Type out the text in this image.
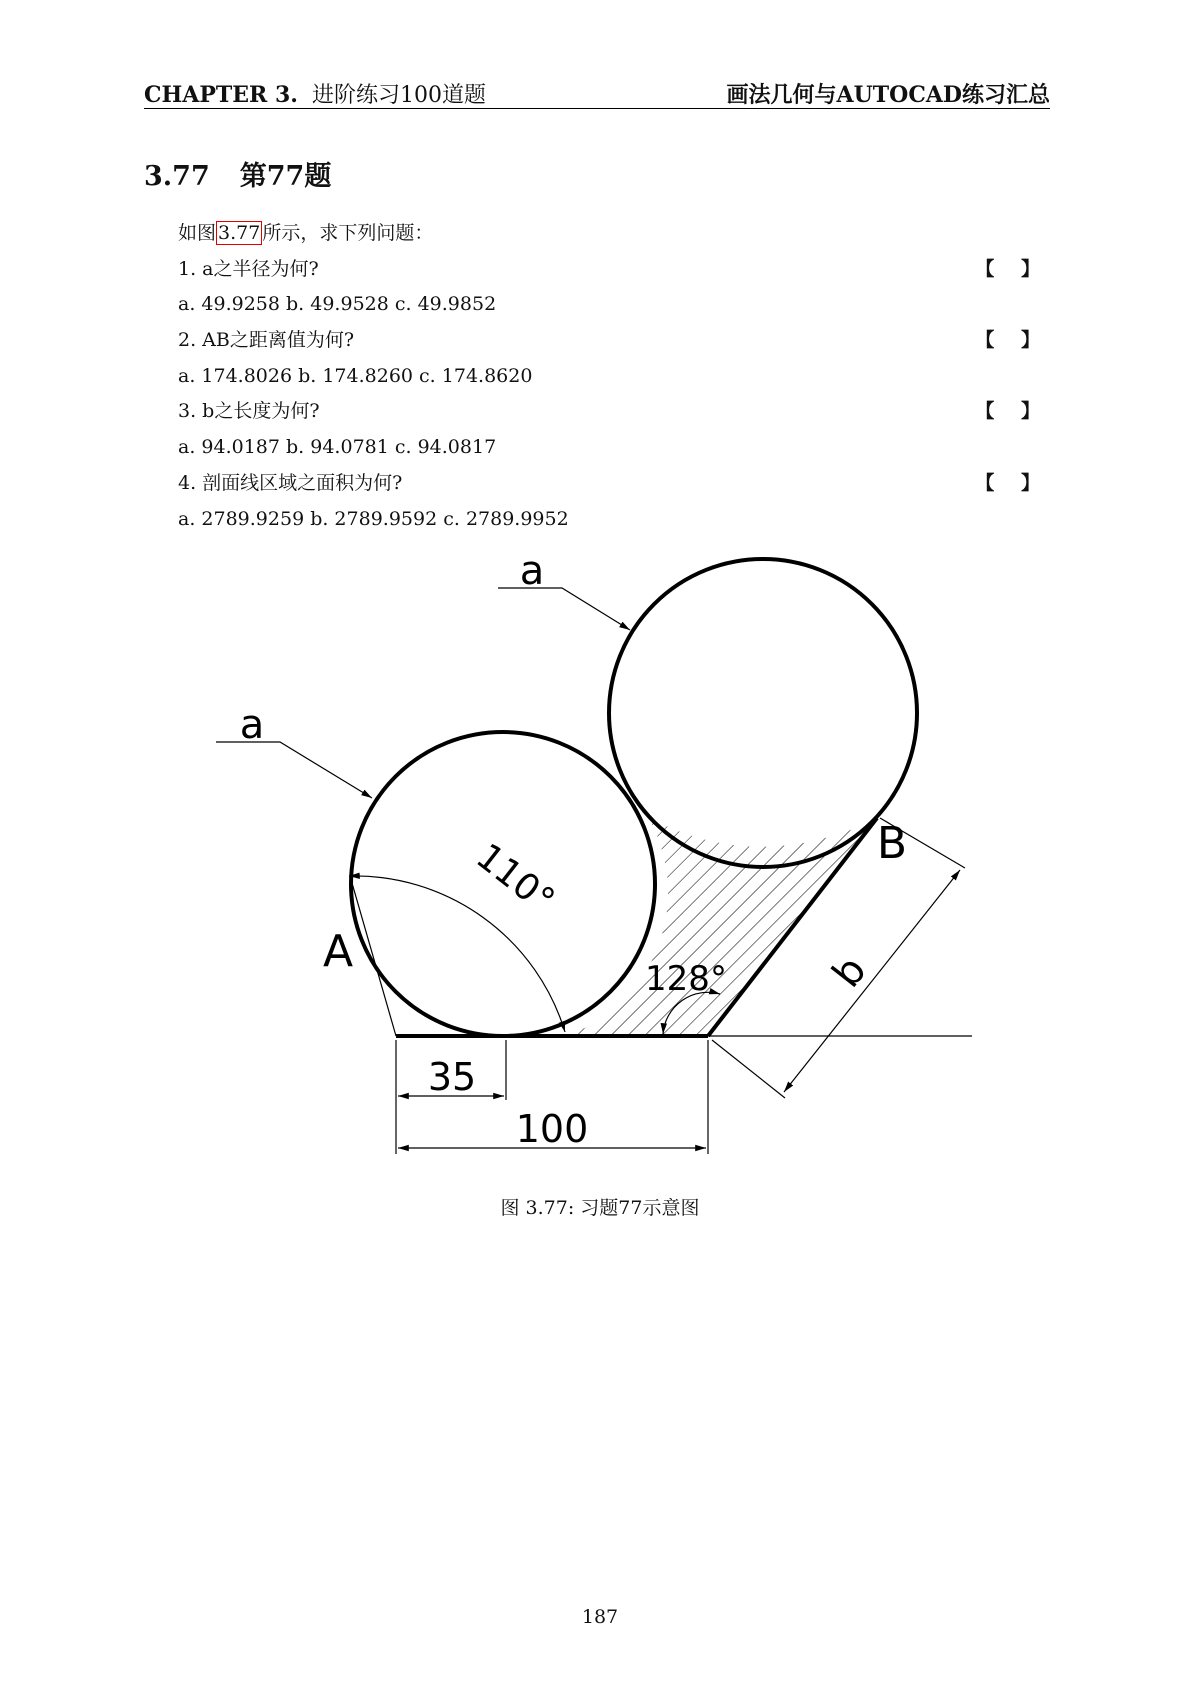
CHAPTER 3. 进阶练习100道题	画法几何与AUTOCAD练习汇总
3.77 第77题
如图 3.77 所示，求下列问题：
1. a之半径为何?	【 】
a. 49.9258 b. 49.9528 c. 49.9852
2. AB之距离值为何?	【 】
a. 174.8026 b. 174.8260 c. 174.8620
3. b之长度为何?	【 】
a. 94.0187 b. 94.0781 c. 94.0817
4. 剖面线区域之面积为何?	【 】
a. 2789.9259 b. 2789.9592 c. 2789.9952
a
a
110°
128°
A
B
b
35
100
图 3.77: 习题77示意图
187
